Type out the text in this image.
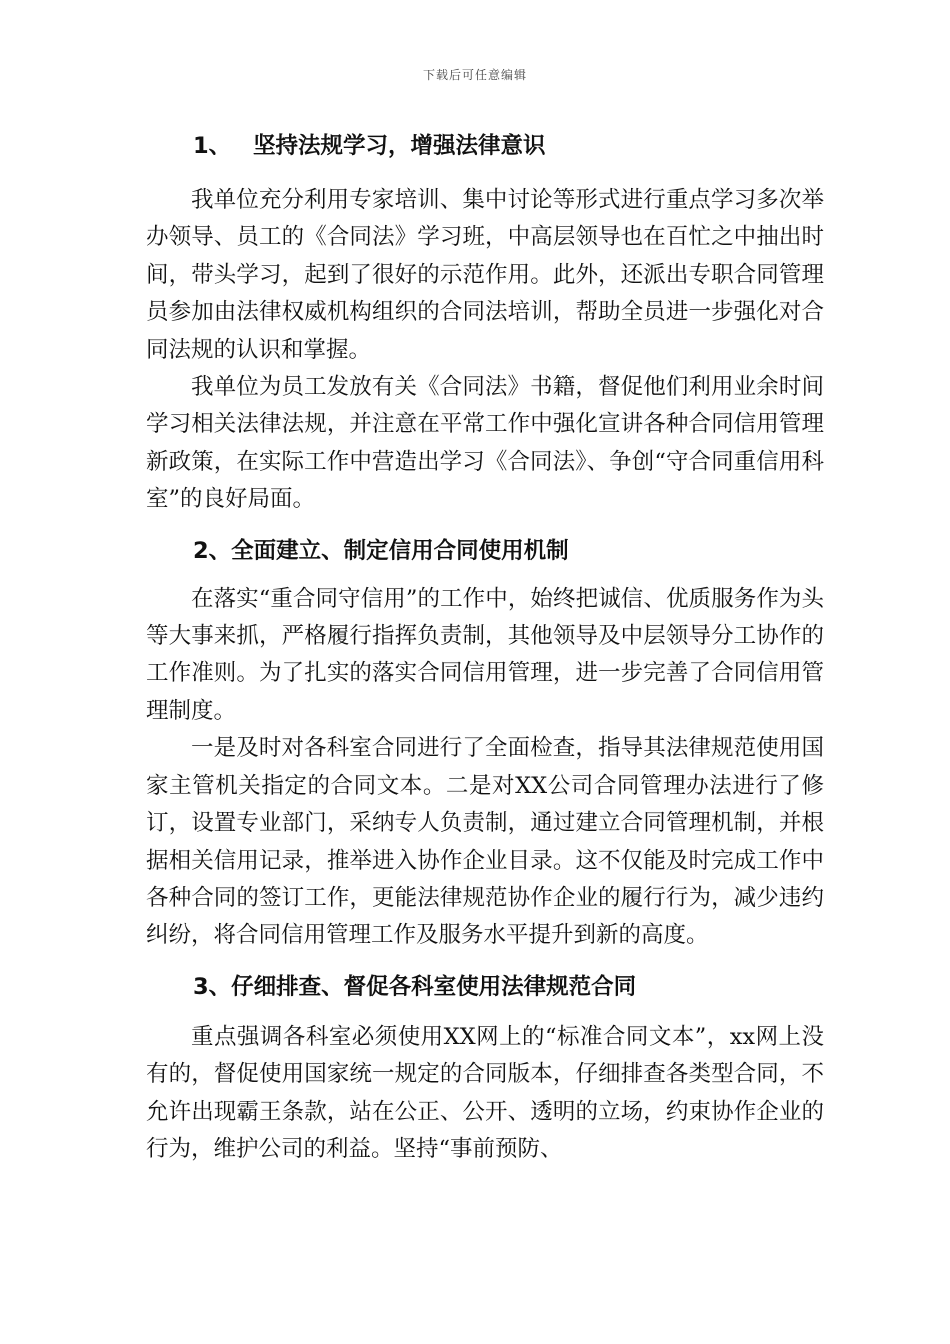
下载后可任意编辑
1、 坚持法规学习，增强法律意识

我单位充分利用专家培训、集中讨论等形式进行重点学习多次举办领导、员工的《合同法》学习班，中高层领导也在百忙之中抽出时间，带头学习，起到了很好的示范作用。此外，还派出专职合同管理员参加由法律权威机构组织的合同法培训，帮助全员进一步强化对合同法规的认识和掌握。

我单位为员工发放有关《合同法》书籍，督促他们利用业余时间学习相关法律法规，并注意在平常工作中强化宣讲各种合同信用管理新政策，在实际工作中营造出学习《合同法》、争创“守合同重信用科室”的良好局面。

2、全面建立、制定信用合同使用机制

在落实“重合同守信用”的工作中，始终把诚信、优质服务作为头等大事来抓，严格履行指挥负责制，其他领导及中层领导分工协作的工作准则。为了扎实的落实合同信用管理，进一步完善了合同信用管理制度。

一是及时对各科室合同进行了全面检查，指导其法律规范使用国家主管机关指定的合同文本。二是对XX公司合同管理办法进行了修订，设置专业部门，采纳专人负责制，通过建立合同管理机制，并根据相关信用记录，推举进入协作企业目录。这不仅能及时完成工作中各种合同的签订工作，更能法律规范协作企业的履行行为，减少违约纠纷，将合同信用管理工作及服务水平提升到新的高度。

3、仔细排查、督促各科室使用法律规范合同

重点强调各科室必须使用XX网上的“标准合同文本”，xx网上没有的，督促使用国家统一规定的合同版本，仔细排查各类型合同，不允许出现霸王条款，站在公正、公开、透明的立场，约束协作企业的行为，维护公司的利益。坚持“事前预防、
